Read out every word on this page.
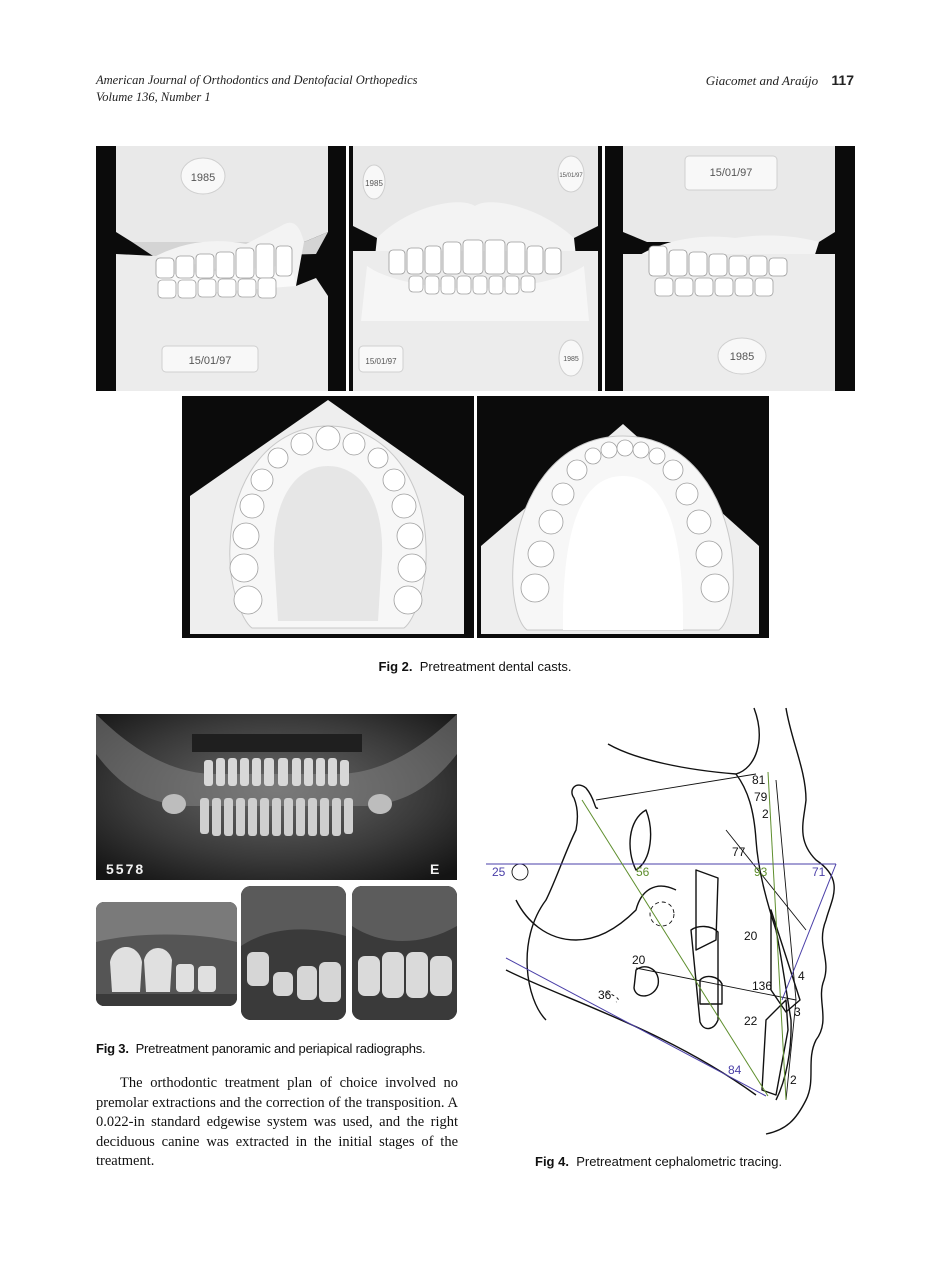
American Journal of Orthodontics and Dentofacial Orthopedics
Volume 136, Number 1
Giacomet and Araújo 117
1985
15/01/97
1985
15/01/97
15/01/97	1985
15/01/97
1985
Fig 2. Pretreatment dental casts.
5578	E
Fig 3. Pretreatment panoramic and periapical radiographs.
The orthodontic treatment plan of choice involved no premolar extractions and the correction of the transposition. A 0.022-in standard edgewise system was used, and the right deciduous canine was extracted in the initial stages of the treatment.
81
79
2
77
20
20
4
136
36
3
22
2
25	71
84
56	93
Fig 4. Pretreatment cephalometric tracing.
